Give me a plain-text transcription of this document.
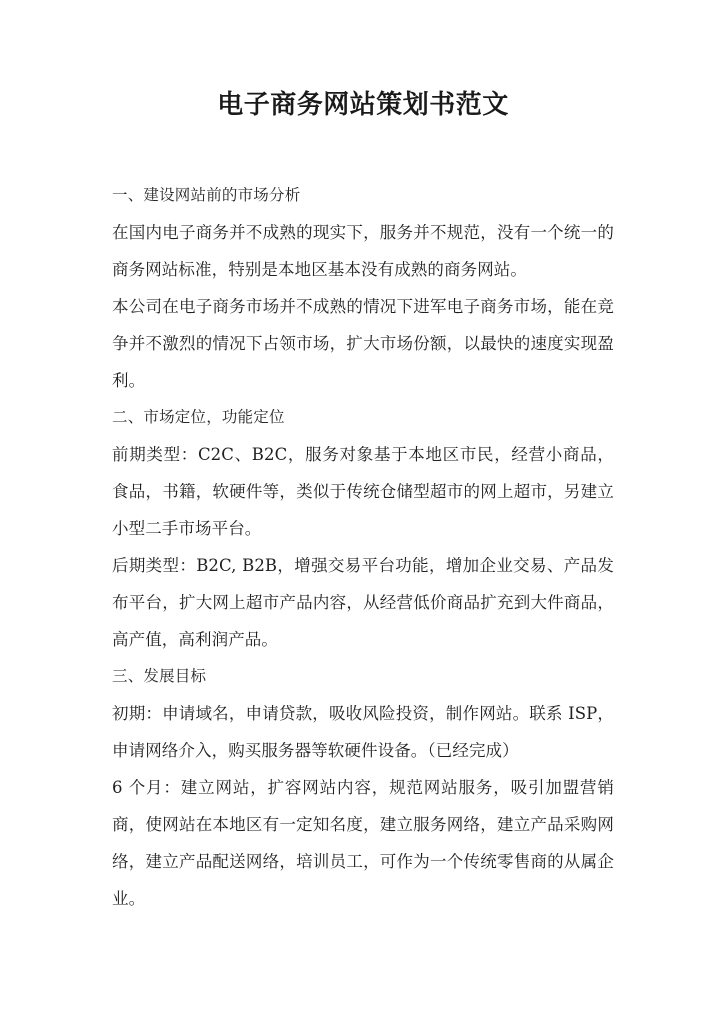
电子商务网站策划书范文
一、建设网站前的市场分析

在国内电子商务并不成熟的现实下，服务并不规范，没有一个统一的商务网站标准，特别是本地区基本没有成熟的商务网站。

本公司在电子商务市场并不成熟的情况下进军电子商务市场，能在竞争并不激烈的情况下占领市场，扩大市场份额，以最快的速度实现盈利。

二、市场定位，功能定位

前期类型：C2C、B2C，服务对象基于本地区市民，经营小商品，食品，书籍，软硬件等，类似于传统仓储型超市的网上超市，另建立小型二手市场平台。

后期类型：B2C, B2B，增强交易平台功能，增加企业交易、产品发布平台，扩大网上超市产品内容，从经营低价商品扩充到大件商品，高产值，高利润产品。

三、发展目标

初期：申请域名，申请贷款，吸收风险投资，制作网站。联系 ISP，申请网络介入，购买服务器等软硬件设备。（已经完成）

6 个月：建立网站，扩容网站内容，规范网站服务，吸引加盟营销商，使网站在本地区有一定知名度，建立服务网络，建立产品采购网络，建立产品配送网络，培训员工，可作为一个传统零售商的从属企业。
